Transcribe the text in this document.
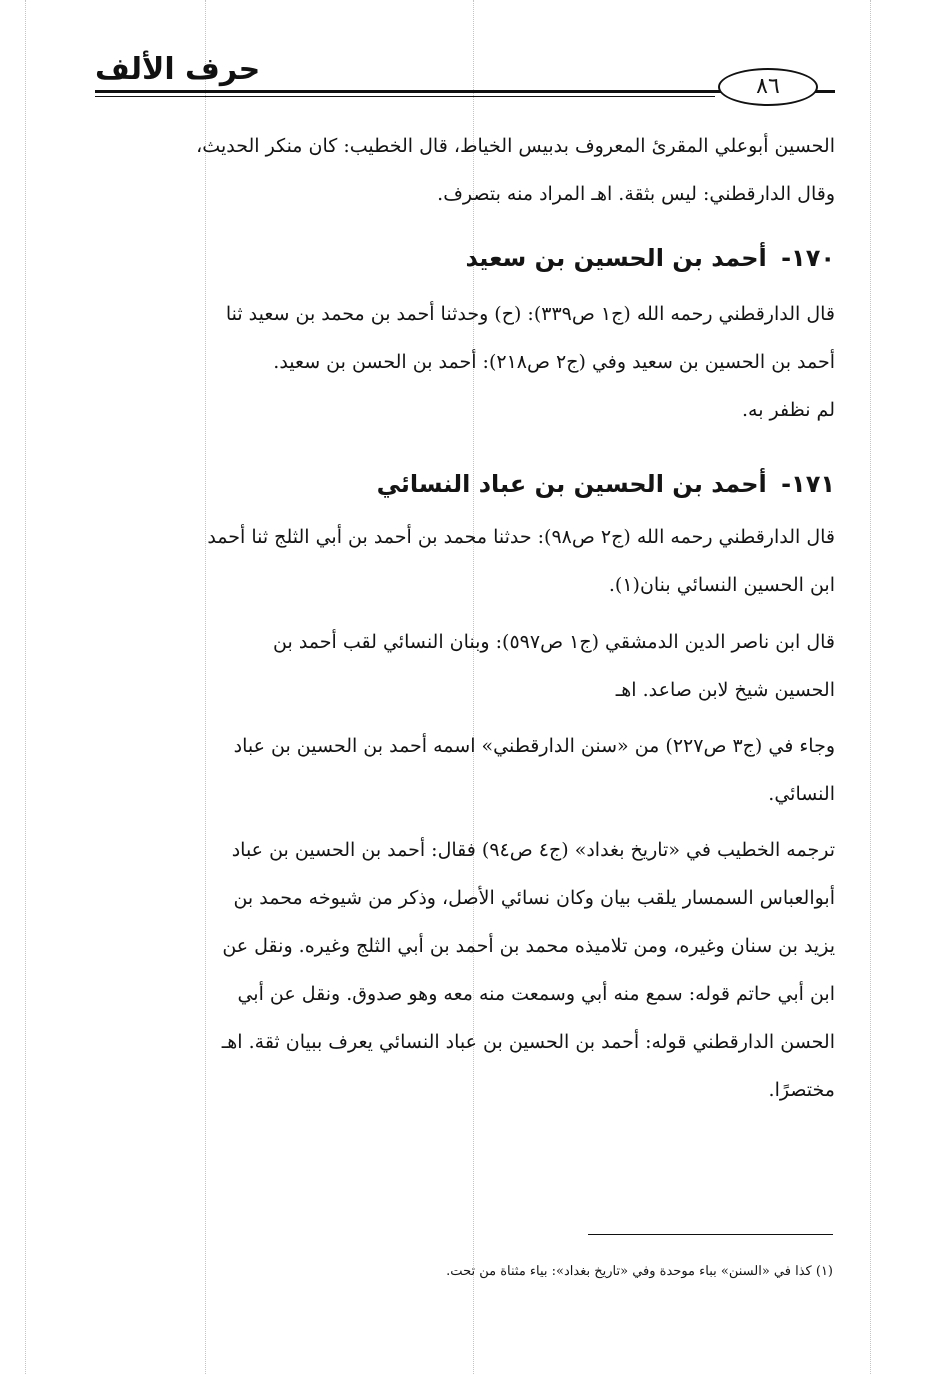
حرف الألف	٨٦

الحسين أبوعلي المقرئ المعروف بدبيس الخياط، قال الخطيب: كان منكر الحديث،
وقال الدارقطني: ليس بثقة. اهـ المراد منه بتصرف.

١٧٠- أحمد بن الحسين بن سعيد

قال الدارقطني رحمه الله (ج١ ص٣٣٩): (ح) وحدثنا أحمد بن محمد بن سعيد ثنا
أحمد بن الحسين بن سعيد وفي (ج٢ ص٢١٨): أحمد بن الحسن بن سعيد.
لم نظفر به.

١٧١- أحمد بن الحسين بن عباد النسائي

قال الدارقطني رحمه الله (ج٢ ص٩٨): حدثنا محمد بن أحمد بن أبي الثلج ثنا أحمد
ابن الحسين النسائي بنان(١).

قال ابن ناصر الدين الدمشقي (ج١ ص٥٩٧): وبنان النسائي لقب أحمد بن
الحسين شيخ لابن صاعد. اهـ

وجاء في (ج٣ ص٢٢٧) من «سنن الدارقطني» اسمه أحمد بن الحسين بن عباد
النسائي.

ترجمه الخطيب في «تاريخ بغداد» (ج٤ ص٩٤) فقال: أحمد بن الحسين بن عباد
أبوالعباس السمسار يلقب بيان وكان نسائي الأصل، وذكر من شيوخه محمد بن
يزيد بن سنان وغيره، ومن تلاميذه محمد بن أحمد بن أبي الثلج وغيره. ونقل عن
ابن أبي حاتم قوله: سمع منه أبي وسمعت منه معه وهو صدوق. ونقل عن أبي
الحسن الدارقطني قوله: أحمد بن الحسين بن عباد النسائي يعرف ببيان ثقة. اهـ
مختصرًا.

(١) كذا في «السنن» بباء موحدة وفي «تاريخ بغداد»: بياء مثناة من تحت.
